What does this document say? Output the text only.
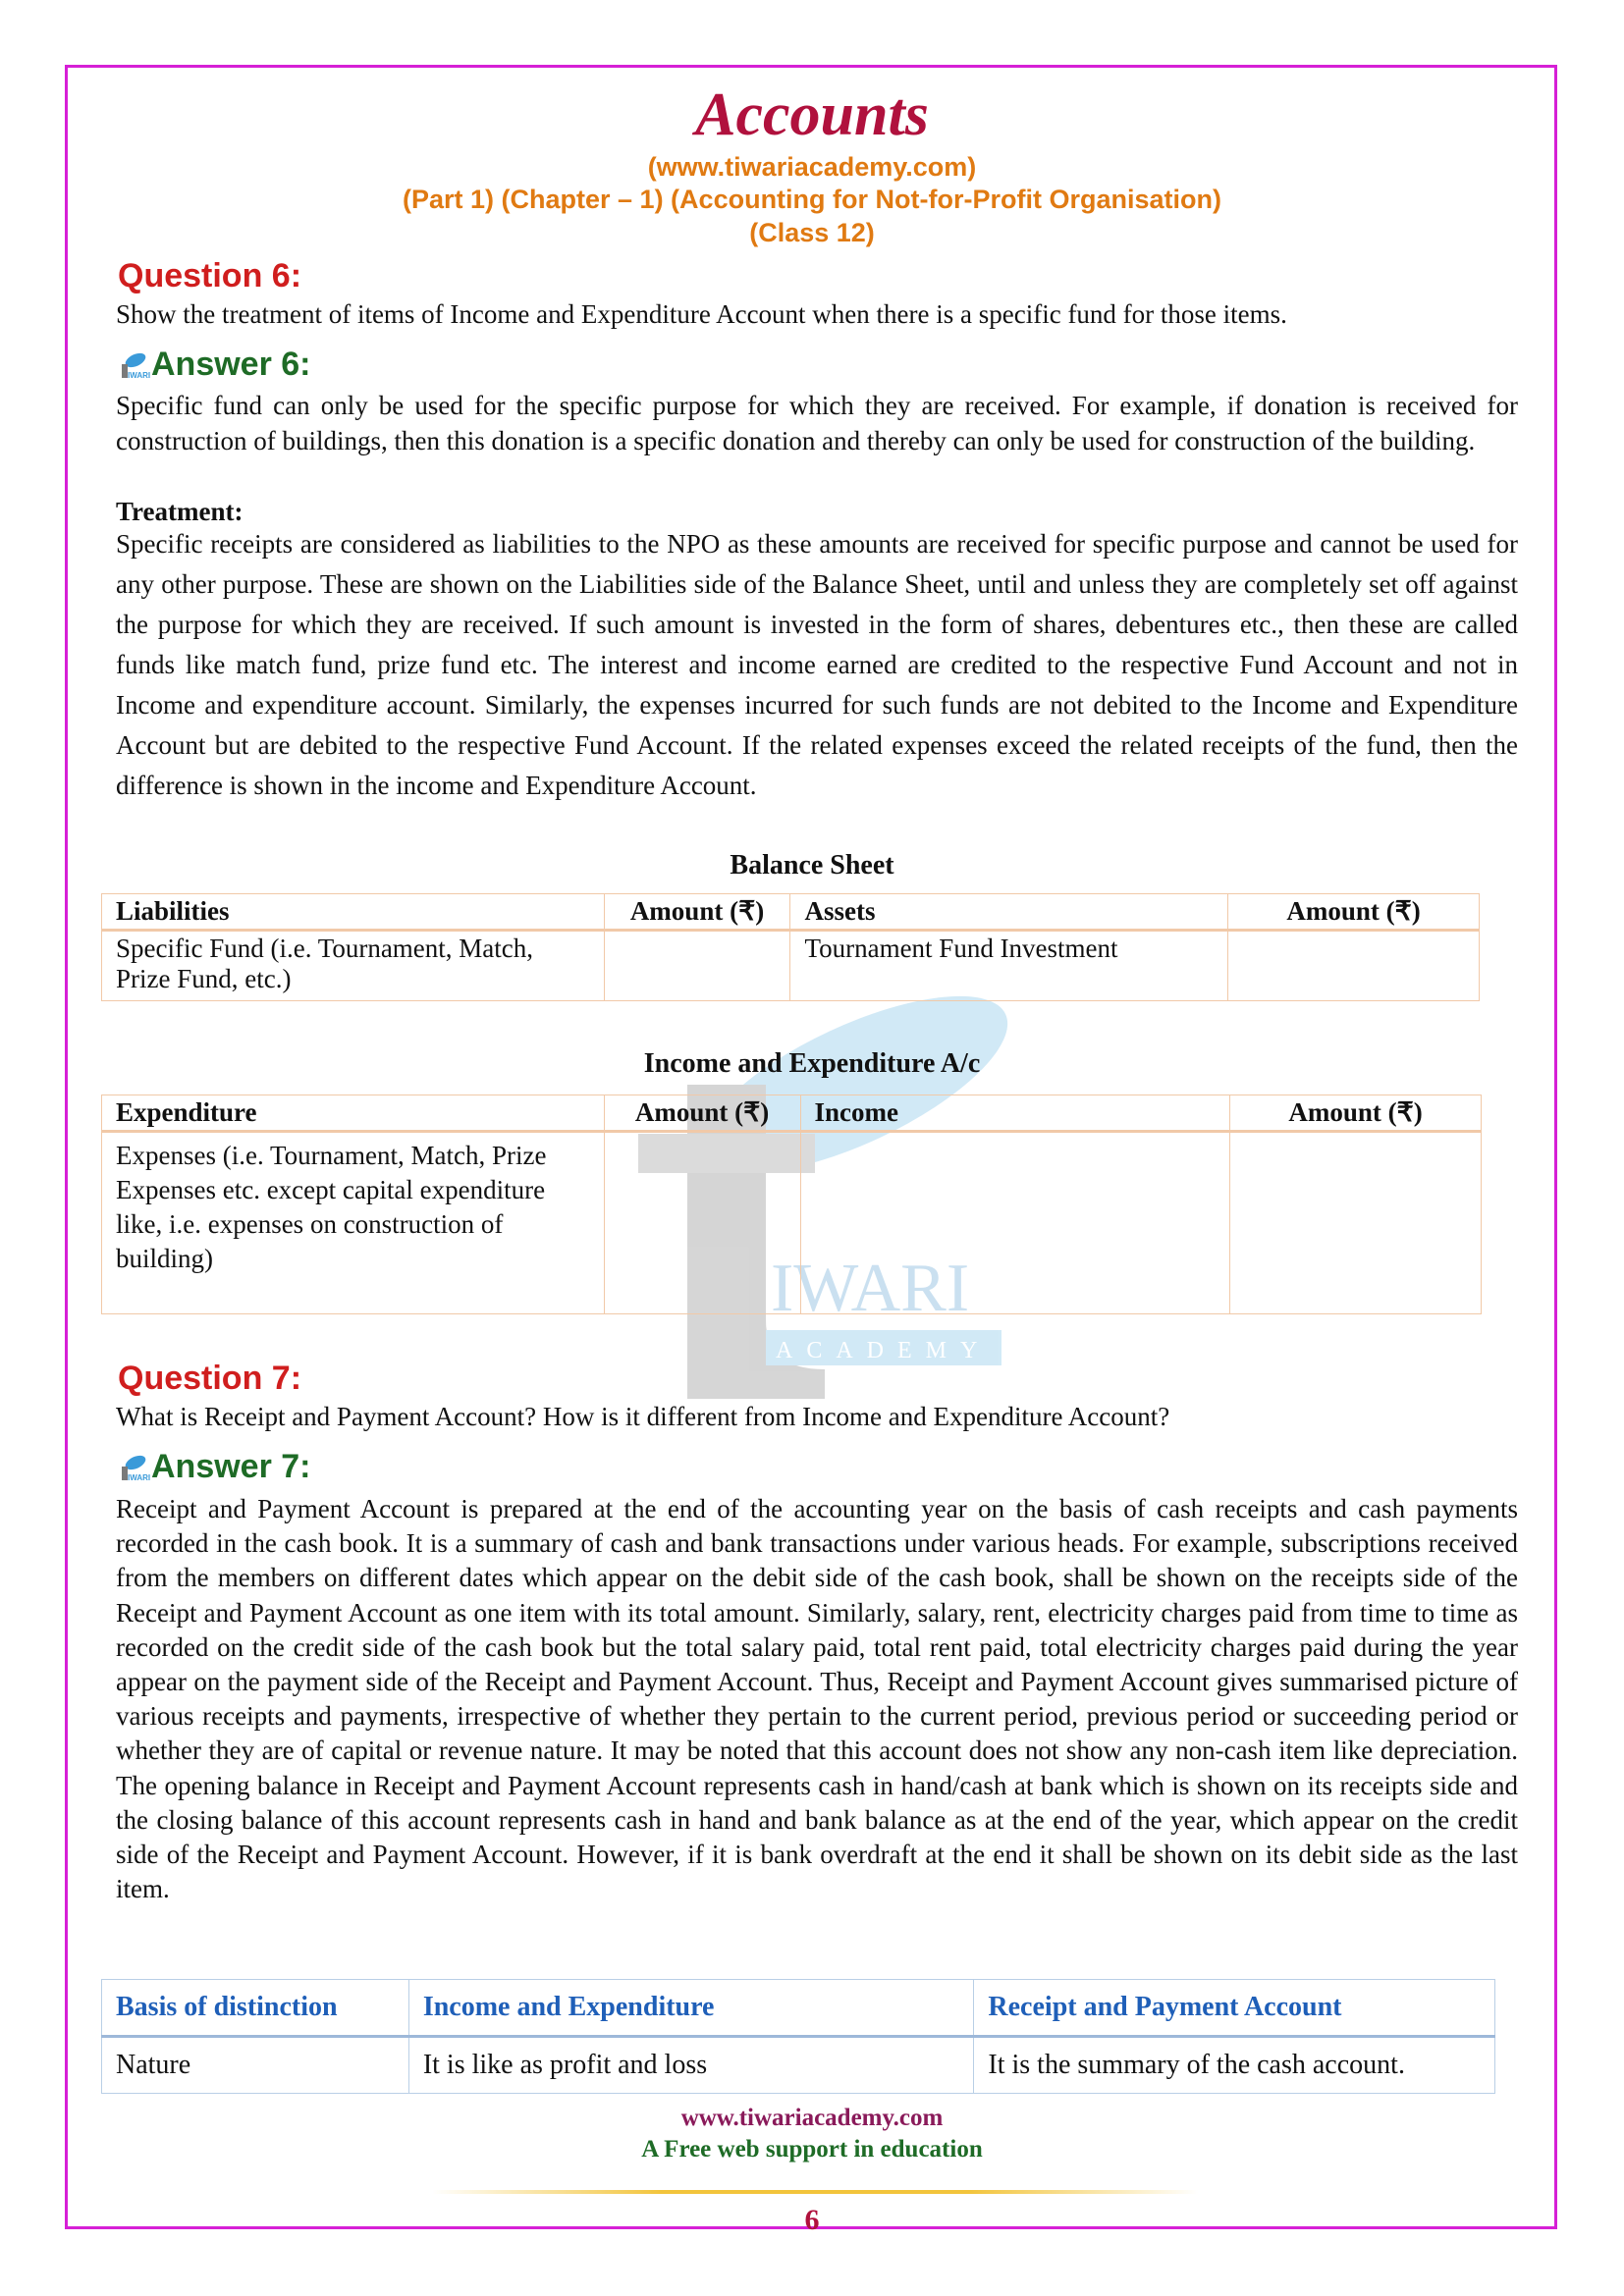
IWARI
ACADEMY
Accounts
(www.tiwariacademy.com)
(Part 1) (Chapter – 1) (Accounting for Not-for-Profit Organisation)
(Class 12)
Question 6:
Show the treatment of items of Income and Expenditure Account when there is a specific fund for those items.
IWARI Answer 6:
Specific fund can only be used for the specific purpose for which they are received. For example, if donation is received for construction of buildings, then this donation is a specific donation and thereby can only be used for construction of the building.
Treatment:
Specific receipts are considered as liabilities to the NPO as these amounts are received for specific purpose and cannot be used for any other purpose. These are shown on the Liabilities side of the Balance Sheet, until and unless they are completely set off against the purpose for which they are received. If such amount is invested in the form of shares, debentures etc., then these are called funds like match fund, prize fund etc. The interest and income earned are credited to the respective Fund Account and not in Income and expenditure account. Similarly, the expenses incurred for such funds are not debited to the Income and Expenditure Account but are debited to the respective Fund Account. If the related expenses exceed the related receipts of the fund, then the difference is shown in the income and Expenditure Account.
Balance Sheet
Liabilities	Amount (₹)	Assets	Amount (₹)
Specific Fund (i.e. Tournament, Match, Prize Fund, etc.)		Tournament Fund Investment	
Income and Expenditure A/c
Expenditure	Amount (₹)	Income	Amount (₹)
Expenses (i.e. Tournament, Match, Prize Expenses etc. except capital expenditure like, i.e. expenses on construction of building)			
Question 7:
What is Receipt and Payment Account? How is it different from Income and Expenditure Account?
IWARI Answer 7:
Receipt and Payment Account is prepared at the end of the accounting year on the basis of cash receipts and cash payments recorded in the cash book. It is a summary of cash and bank transactions under various heads. For example, subscriptions received from the members on different dates which appear on the debit side of the cash book, shall be shown on the receipts side of the Receipt and Payment Account as one item with its total amount. Similarly, salary, rent, electricity charges paid from time to time as recorded on the credit side of the cash book but the total salary paid, total rent paid, total electricity charges paid during the year appear on the payment side of the Receipt and Payment Account. Thus, Receipt and Payment Account gives summarised picture of various receipts and payments, irrespective of whether they pertain to the current period, previous period or succeeding period or whether they are of capital or revenue nature. It may be noted that this account does not show any non-cash item like depreciation. The opening balance in Receipt and Payment Account represents cash in hand/cash at bank which is shown on its receipts side and the closing balance of this account represents cash in hand and bank balance as at the end of the year, which appear on the credit side of the Receipt and Payment Account. However, if it is bank overdraft at the end it shall be shown on its debit side as the last item.
Basis of distinction	Income and Expenditure	Receipt and Payment Account
Nature	It is like as profit and loss	It is the summary of the cash account.
www.tiwariacademy.com
A Free web support in education
6
